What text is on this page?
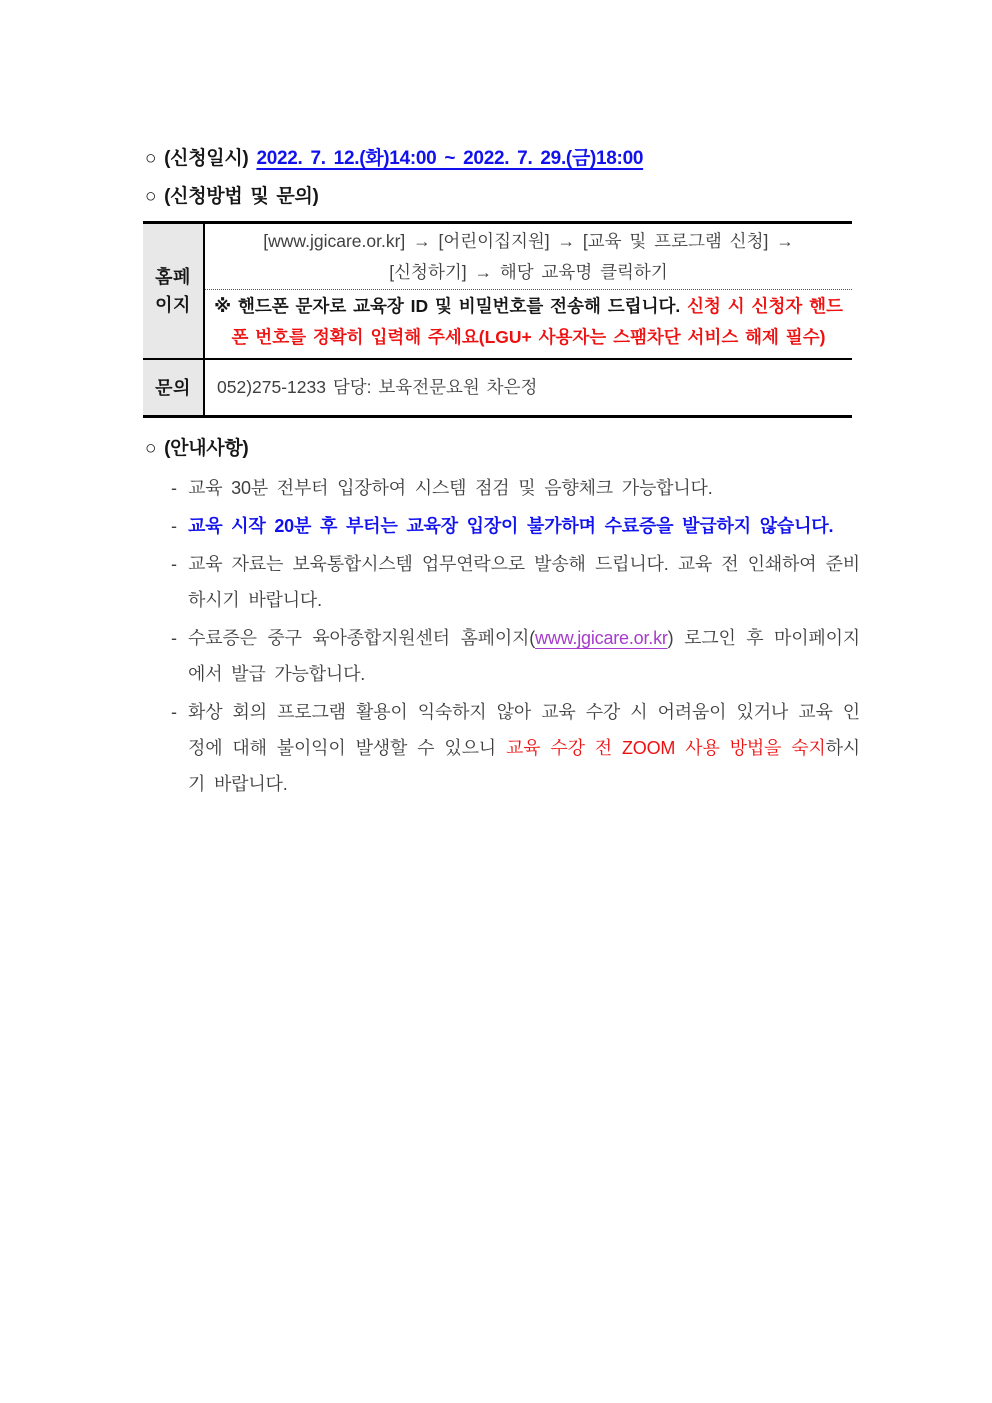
○ (신청일시) 2022. 7. 12.(화)14:00 ~ 2022. 7. 29.(금)18:00
○ (신청방법 및 문의)
홈페이지
[www.jgicare.or.kr] → [어린이집지원] → [교육 및 프로그램 신청] →
[신청하기] → 해당 교육명 클릭하기
※ 핸드폰 문자로 교육장 ID 및 비밀번호를 전송해 드립니다. 신청 시 신청자 핸드폰 번호를 정확히 입력해 주세요(LGU+ 사용자는 스팸차단 서비스 해제 필수)
문의	052)275-1233 담당: 보육전문요원 차은정
○ (안내사항)
- 교육 30분 전부터 입장하여 시스템 점검 및 음향체크 가능합니다.
- 교육 시작 20분 후 부터는 교육장 입장이 불가하며 수료증을 발급하지 않습니다.
- 교육 자료는 보육통합시스템 업무연락으로 발송해 드립니다. 교육 전 인쇄하여 준비하시기 바랍니다.
- 수료증은 중구 육아종합지원센터 홈페이지(www.jgicare.or.kr) 로그인 후 마이페이지에서 발급 가능합니다.
- 화상 회의 프로그램 활용이 익숙하지 않아 교육 수강 시 어려움이 있거나 교육 인정에 대해 불이익이 발생할 수 있으니 교육 수강 전 ZOOM 사용 방법을 숙지하시기 바랍니다.
